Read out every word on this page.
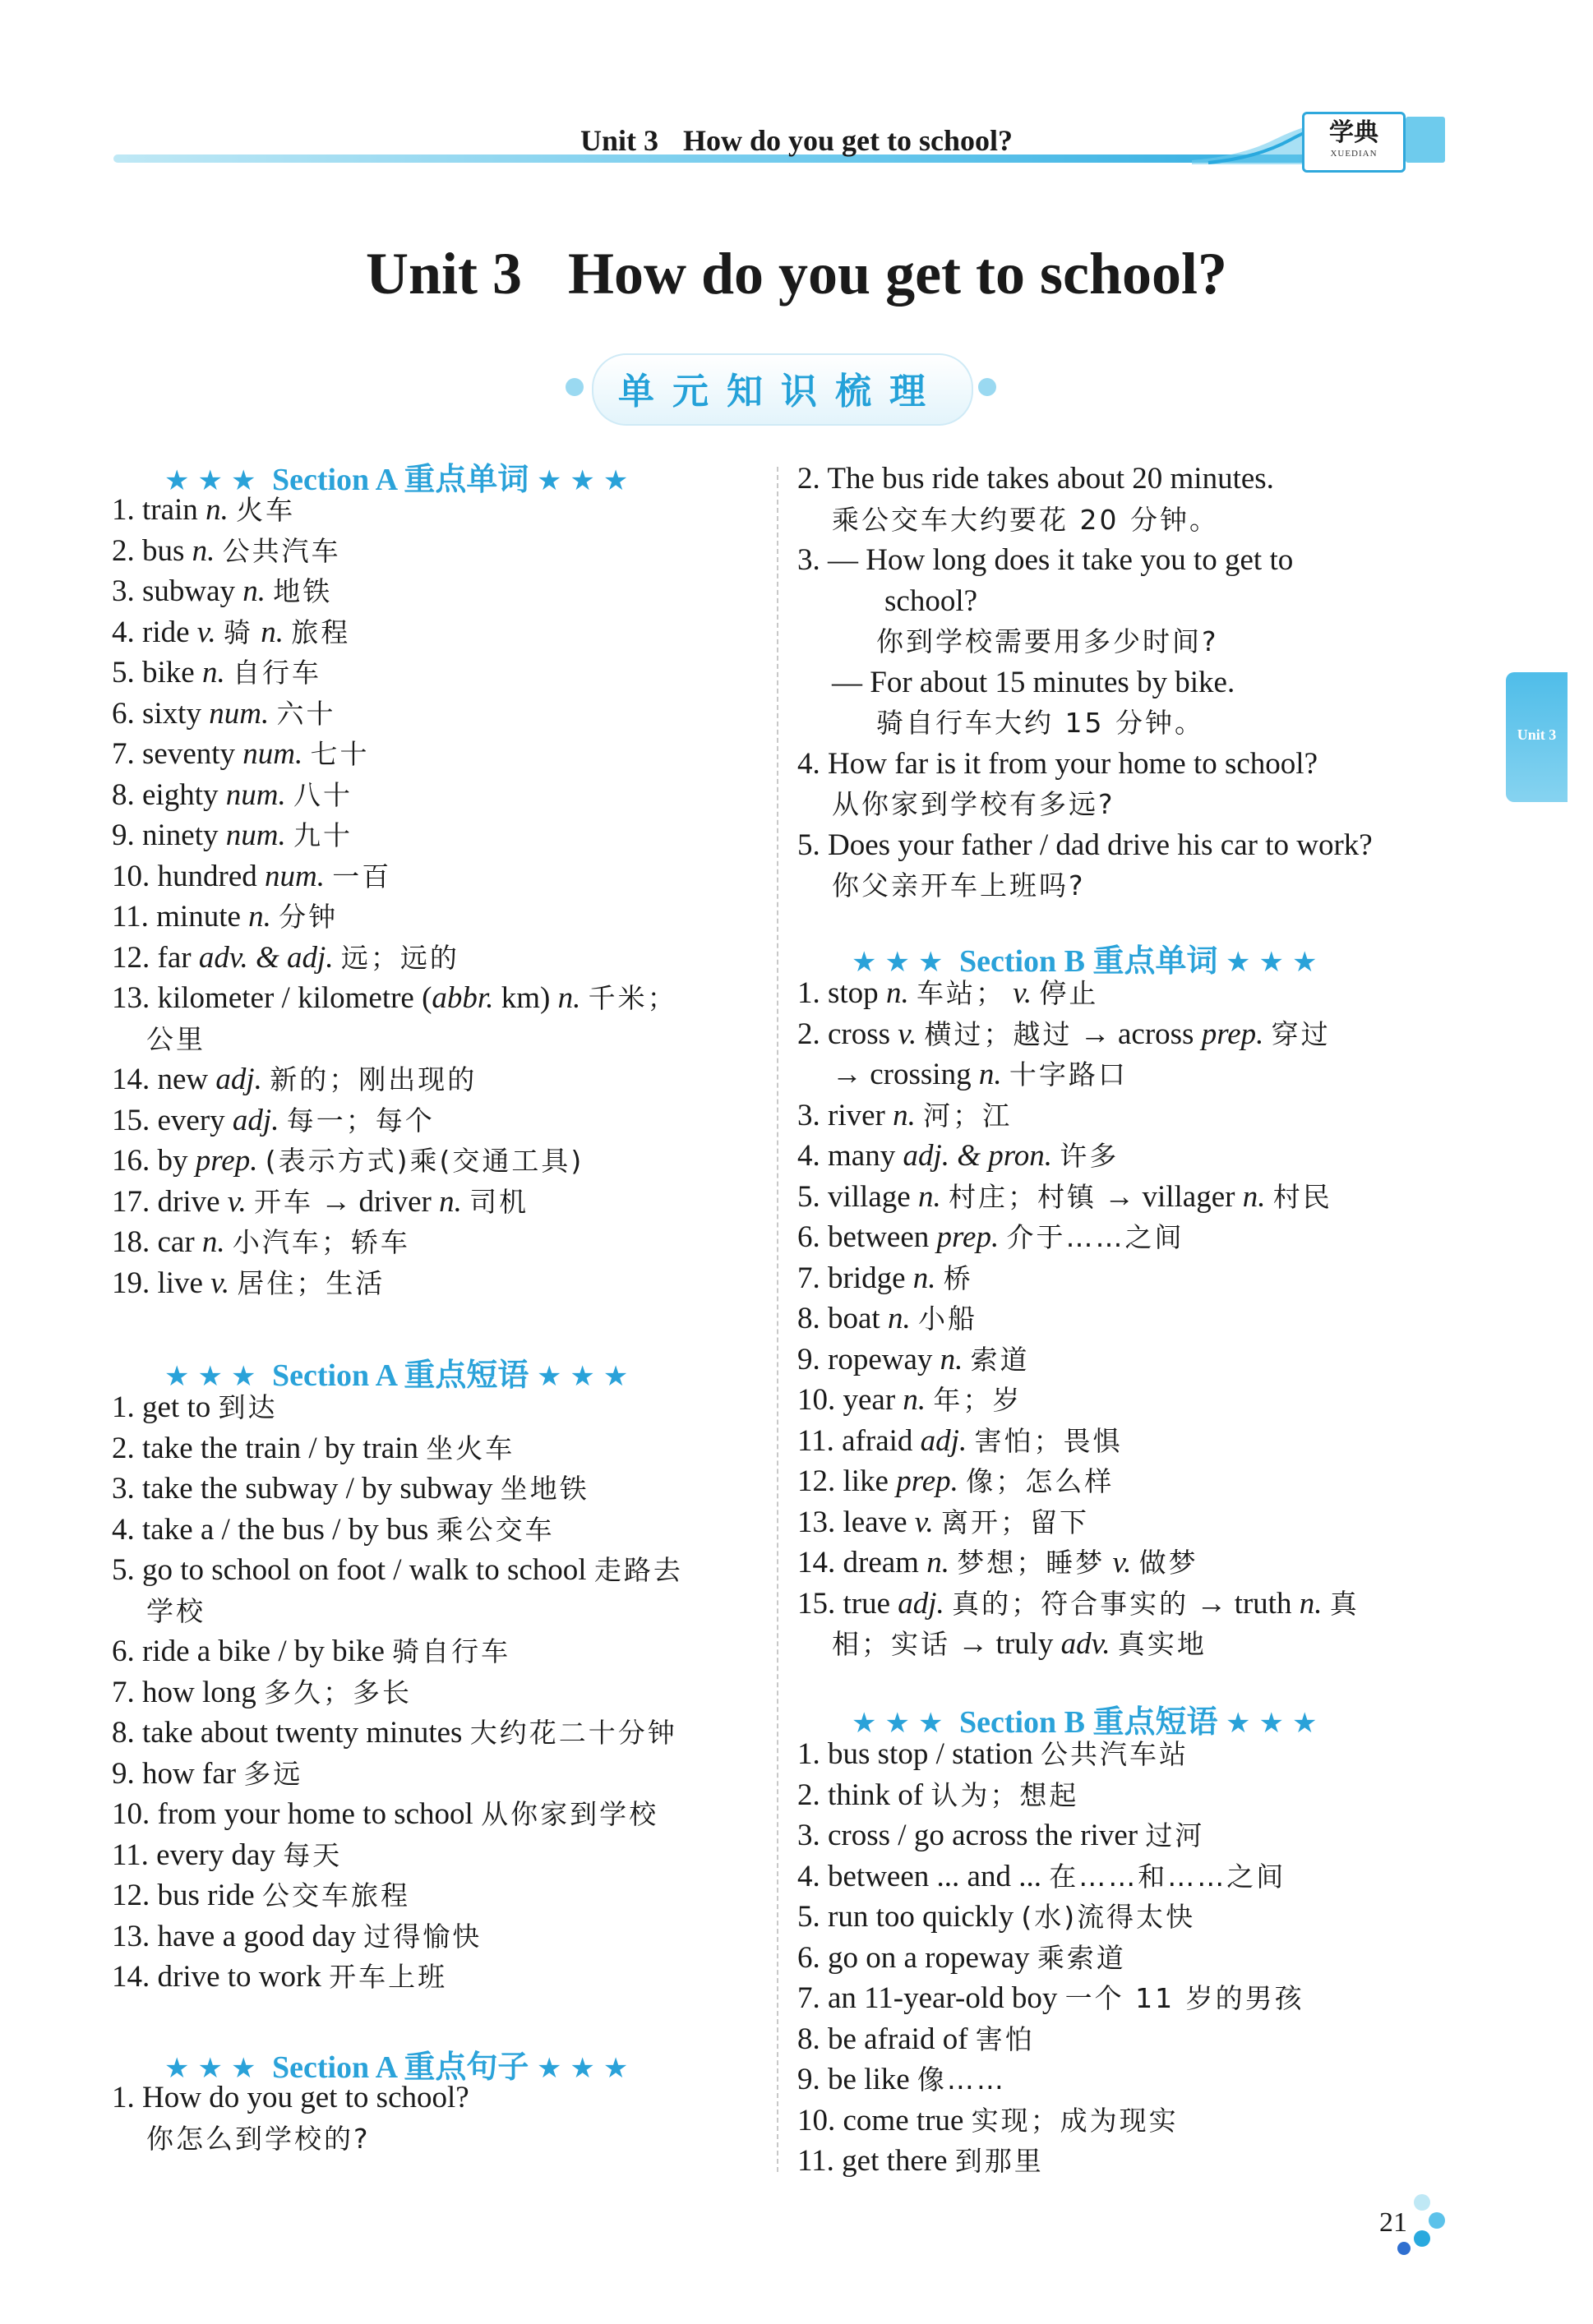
Unit 3 How do you get to school?	学典
XUEDIAN
Unit 3 How do you get to school?
单元知识梳理
★★★ Section A 重点单词 ★★★
1. train n. 火车
2. bus n. 公共汽车
3. subway n. 地铁
4. ride v. 骑 n. 旅程
5. bike n. 自行车
6. sixty num. 六十
7. seventy num. 七十
8. eighty num. 八十
9. ninety num. 九十
10. hundred num. 一百
11. minute n. 分钟
12. far adv. & adj. 远；远的
13. kilometer / kilometre (abbr. km) n. 千米；
公里
14. new adj. 新的；刚出现的
15. every adj. 每一；每个
16. by prep. (表示方式)乘(交通工具)
17. drive v. 开车 → driver n. 司机
18. car n. 小汽车；轿车
19. live v. 居住；生活
★★★ Section A 重点短语 ★★★
1. get to 到达
2. take the train / by train 坐火车
3. take the subway / by subway 坐地铁
4. take a / the bus / by bus 乘公交车
5. go to school on foot / walk to school 走路去
学校
6. ride a bike / by bike 骑自行车
7. how long 多久；多长
8. take about twenty minutes 大约花二十分钟
9. how far 多远
10. from your home to school 从你家到学校
11. every day 每天
12. bus ride 公交车旅程
13. have a good day 过得愉快
14. drive to work 开车上班
★★★ Section A 重点句子 ★★★
1. How do you get to school?
你怎么到学校的?
2. The bus ride takes about 20 minutes.
乘公交车大约要花 20 分钟。
3. — How long does it take you to get to
school?
你到学校需要用多少时间?
— For about 15 minutes by bike.
骑自行车大约 15 分钟。
4. How far is it from your home to school?
从你家到学校有多远?
5. Does your father / dad drive his car to work?
你父亲开车上班吗?
★★★ Section B 重点单词 ★★★
1. stop n. 车站； v. 停止
2. cross v. 横过；越过 → across prep. 穿过
→ crossing n. 十字路口
3. river n. 河；江
4. many adj. & pron. 许多
5. village n. 村庄；村镇 → villager n. 村民
6. between prep. 介于……之间
7. bridge n. 桥
8. boat n. 小船
9. ropeway n. 索道
10. year n. 年；岁
11. afraid adj. 害怕；畏惧
12. like prep. 像；怎么样
13. leave v. 离开；留下
14. dream n. 梦想；睡梦 v. 做梦
15. true adj. 真的；符合事实的 → truth n. 真
相；实话 → truly adv. 真实地
★★★ Section B 重点短语 ★★★
1. bus stop / station 公共汽车站
2. think of 认为；想起
3. cross / go across the river 过河
4. between ... and ... 在……和……之间
5. run too quickly (水)流得太快
6. go on a ropeway 乘索道
7. an 11-year-old boy 一个 11 岁的男孩
8. be afraid of 害怕
9. be like 像……
10. come true 实现；成为现实
11. get there 到那里
Unit 3
21
